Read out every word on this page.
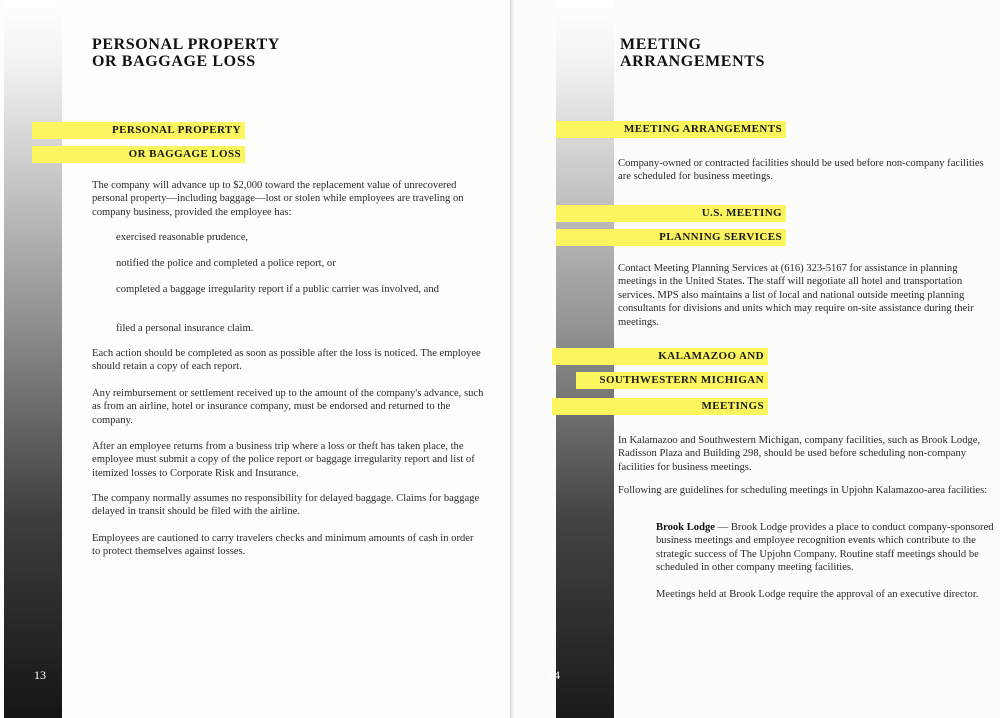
PERSONAL PROPERTY
OR BAGGAGE LOSS
PERSONAL PROPERTY
OR BAGGAGE LOSS

The company will advance up to $2,000 toward the replacement value of unrecovered personal property—including baggage—lost or stolen while employees are traveling on company business, provided the employee has:

exercised reasonable prudence,

notified the police and completed a police report, or

completed a baggage irregularity report if a public carrier was involved, and

filed a personal insurance claim.

Each action should be completed as soon as possible after the loss is noticed. The employee should retain a copy of each report.

Any reimbursement or settlement received up to the amount of the company's advance, such as from an airline, hotel or insurance company, must be endorsed and returned to the company.

After an employee returns from a business trip where a loss or theft has taken place, the employee must submit a copy of the police report or baggage irregularity report and list of itemized losses to Corporate Risk and Insurance.

The company normally assumes no responsibility for delayed baggage. Claims for baggage delayed in transit should be filed with the airline.

Employees are cautioned to carry travelers checks and minimum amounts of cash in order to protect themselves against losses.

13
MEETING
ARRANGEMENTS
MEETING ARRANGEMENTS

Company-owned or contracted facilities should be used before non-company facilities are scheduled for business meetings.

U.S. MEETING
PLANNING SERVICES

Contact Meeting Planning Services at (616) 323-5167 for assistance in planning meetings in the United States. The staff will negotiate all hotel and transportation services. MPS also maintains a list of local and national outside meeting planning consultants for divisions and units which may require on-site assistance during their meetings.

KALAMAZOO AND
SOUTHWESTERN MICHIGAN
MEETINGS

In Kalamazoo and Southwestern Michigan, company facilities, such as Brook Lodge, Radisson Plaza and Building 298, should be used before scheduling non-company facilities for business meetings.

Following are guidelines for scheduling meetings in Upjohn Kalamazoo-area facilities:

Brook Lodge — Brook Lodge provides a place to conduct company-sponsored business meetings and employee recognition events which contribute to the strategic success of The Upjohn Company. Routine staff meetings should be scheduled in other company meeting facilities.

Meetings held at Brook Lodge require the approval of an executive director.

14
